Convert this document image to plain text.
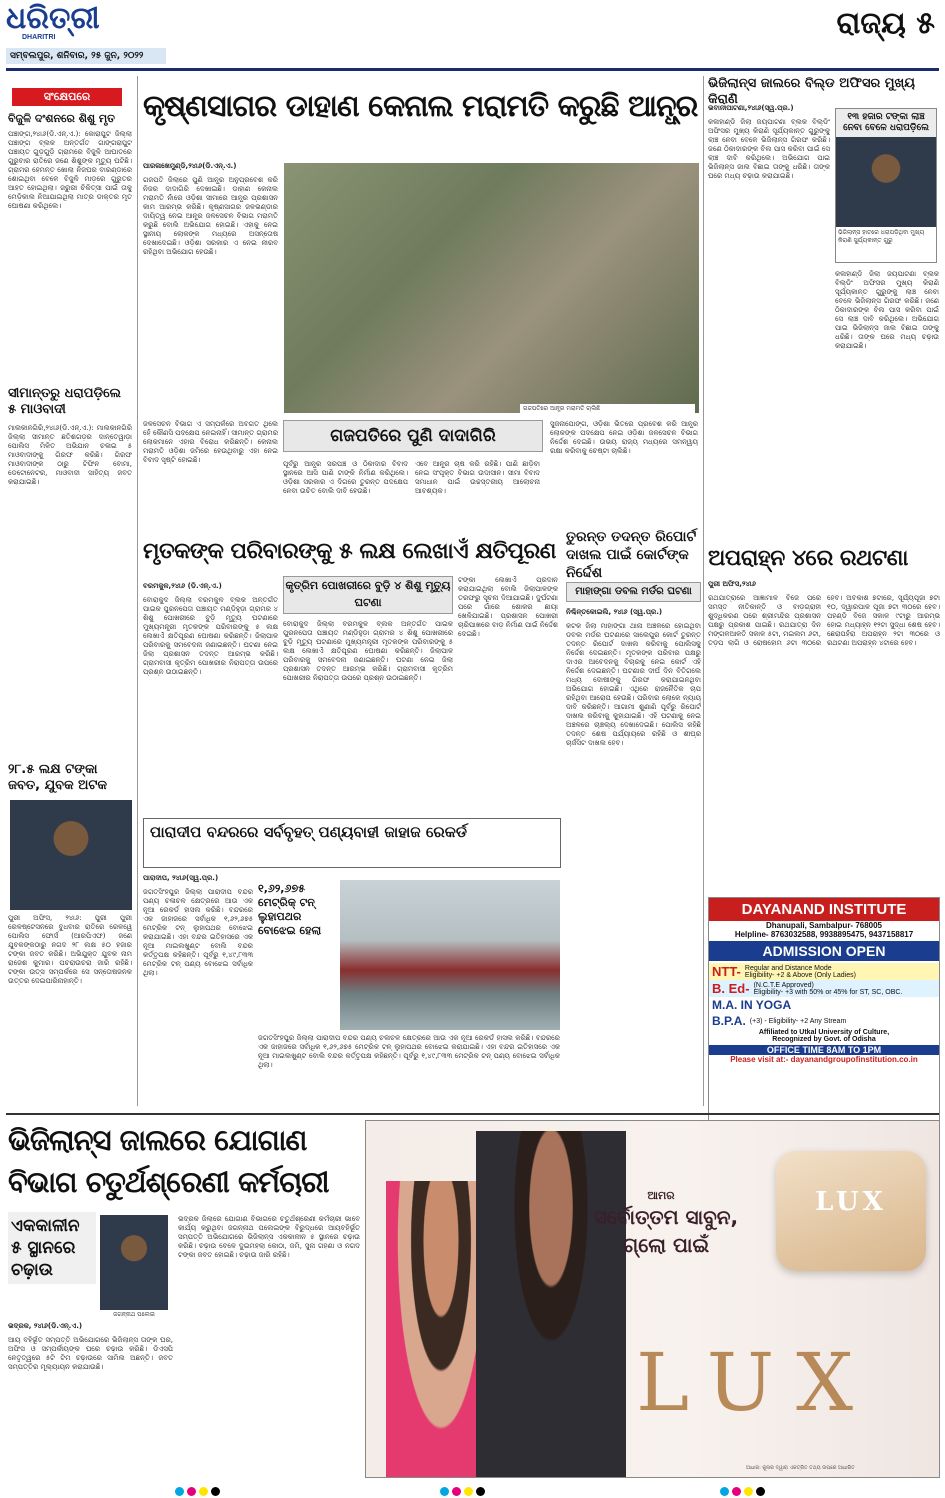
ଧରିତ୍ରୀ
DHARITRI
ସମ୍ବଲପୁର, ଶନିବାର, ୨୫ ଜୁନ, ୨୦୨୨
ରାଜ୍ୟ ୫
ସଂକ୍ଷେପରେ
ବିଜୁଳି ଦଂଶନରେ ଶିଶୁ ମୃତ
ପଞ୍ଚାଙ୍ଗ,୨୪ା୬(ଡି.ଏନ୍.ଏ.): କୋରାପୁଟ ଜିଲ୍ଲା ପଞ୍ଚାଙ୍ଗ ବ୍ଲକ ଅନ୍ତର୍ଗତ ଗାଙ୍ଗରାପୁଟ ପଞ୍ଚାୟତ ଗୁଡ଼ଗୁଡ଼ି ଗ୍ରାମରେ ବିଜୁଳି ଆଘାତରେ ଗୁରୁବାର ରାତିରେ ଜଣେ ଶିଶୁଙ୍କ ମୃତ୍ୟୁ ଘଟିଛି। ଗ୍ରାମର ହେମନ୍ତ ଖୋଲା ନିଜଘର ବାରଣ୍ଡାରେ ଶୋଇଥିବା ବେଳେ ବିଜୁଳି ମାଡ଼ରେ ଗୁରୁତର ଆହତ ହୋଇଥିଲା। ଜରୁରୀ ଚିକିତ୍ସା ପାଇଁ ତାକୁ ମେଡ଼ିକାଲ ନିଆଯାଇଥିଲା ମାତ୍ର ଡାକ୍ତର ମୃତ ଘୋଷଣା କରିଥିଲେ।
ସୀମାନ୍ତରୁ ଧରାପଡ଼ିଲେ ୫ ମାଓବାଦୀ
ମାଲକାନଗିରି,୨୪ା୬(ଡି.ଏନ୍.ଏ.): ମାଲକାନଗିରି ଜିଲ୍ଲା ସୀମାନ୍ତ ଛତିଶଗଡ଼ର ଦାନ୍ତେୱାଡ଼ା ପୋଲିସ ମିଳିତ ଅଭିଯାନ ଚଳାଇ ୫ ମାଓବାଦୀଙ୍କୁ ଗିରଫ କରିଛି। ଗିରଫ ମାଓବାଦୀଙ୍କ ଠାରୁ ଟିଫିନ ବୋମା, ଡେଟୋନେଟର, ମାଓବାଦୀ ସାହିତ୍ୟ ଜବତ କରାଯାଇଛି।
୨୮.୫ ଲକ୍ଷ ଟଙ୍କା ଜବତ, ଯୁବକ ଅଟକ
ପୁରୀ ଅଫିସ, ୨୪ା୬: ପୁରୀ ପୁରୀ ରେଳଷ୍ଟେସନରେ ବୁଧବାର ରାତିରେ ରେଳୱେ ପୋଲିସ ଫୋର୍ସ (ଆରପିଏଫ) ଜଣେ ଯୁବକଙ୍କଠାରୁ ନଗଦ ୨୮ ଲକ୍ଷ ୫୦ ହଜାର ଟଙ୍କା ଜବତ କରିଛି। ଅଭିଯୁକ୍ତ ଯୁବକ ନାମ ରାଜେଶ କୁମାର। ପଚରାଉଚରା ଜାରି ରହିଛି। ଟଙ୍କା ଉତ୍ସ ସମ୍ପର୍କରେ ସେ ସନ୍ତୋଷଜନକ ଉତ୍ତର ଦେଇପାରିନାହାନ୍ତି।
କୃଷ୍ଣସାଗର ଡାହାଣ କେନାଲ ମରାମତି କରୁଛି ଆନ୍ଧ୍ର
ପାରଳାଖେମୁଣ୍ଡି,୨୪ା୬(ଡି.ଏନ୍.ଏ.)
ଗଜପତି ଜିଲାରେ ପୁଣି ଆନ୍ଧ୍ର ଅନୁପ୍ରବେଶ କରି ନିଜର ଦାଦାଗିରି ଦେଖାଇଛି। ଡାହାଣ କେନାଲ ମରାମତି ନାଁରେ ଓଡ଼ିଶା ସୀମାରେ ଆନ୍ଧ୍ର ପ୍ରଶାସନ କାମ ଆରମ୍ଭ କରିଛି। କୃଷ୍ଣସାଗର ଜଳଭଣ୍ଡାର ଦାୟିତ୍ୱ ନେଇ ଆନ୍ଧ୍ର ଜଳସେଚନ ବିଭାଗ ମରାମତି କରୁଛି ବୋଲି ଅଭିଯୋଗ ହୋଇଛି। ଏହାକୁ ନେଇ ସ୍ଥାନୀୟ ଲୋକଙ୍କ ମଧ୍ୟରେ ଅସନ୍ତୋଷ ଦେଖାଦେଇଛି। ଓଡ଼ିଶା ସରକାର ଏ ନେଇ ନୀରବ ରହିଥିବା ଅଭିଯୋଗ ହେଉଛି।
ଗଜପତିରେ ଆନ୍ଧ୍ର ମରାମତି ଚାଲିଛି
ଜଳସେଚନ ବିଭାଗ ଏ ସମ୍ପର୍କରେ ଅବଗତ ଥିଲେ ହେଁ କୌଣସି ପଦକ୍ଷେପ ନେଇନାହିଁ। ସୀମାନ୍ତ ଗ୍ରାମର ଲୋକମାନେ ଏହାର ବିରୋଧ କରିଛନ୍ତି। କେନାଲ ମରାମତି ଓଡ଼ିଶା ଜମିରେ ହେଉଥିବାରୁ ଏହା ନେଇ ବିବାଦ ସୃଷ୍ଟି ହୋଇଛି।
ଗଜପତିରେ ପୁଣି ଦାଦାଗିରି
ପୂର୍ବରୁ ଆନ୍ଧ୍ର ସରପଞ୍ଚ ଓ ଠିକାଦାର ବିବାଦ ସ୍ଥାନରେ ଆସି ପାଣି ଟାଙ୍କି ନିର୍ମାଣ କରିଥିଲେ। ଓଡ଼ିଶା ସରକାର ଏ ଦିଗରେ ତୁରନ୍ତ ପଦକ୍ଷେପ ନେବା ଉଚିତ ବୋଲି ଦାବି ହେଉଛି।
ଏବେ ଆନ୍ଧ୍ର ଚାଷ କରି ରହିଛି। ପାଣି ଛାଡ଼ିବା ନେଇ ସଂପୃକ୍ତ ବିଭାଗ ଉଦାସୀନ। ସୀମା ବିବାଦ ସମାଧାନ ପାଇଁ ଉଚ୍ଚସ୍ତରୀୟ ଆଲୋଚନା ଆବଶ୍ୟକ।
ସୁଜନାପୋଙ୍ଗ, ଓଡ଼ିଶା ଭିତରେ ପ୍ରବେଶ କରି ଆନ୍ଧ୍ର ଲୋକଙ୍କ ପଦକ୍ଷେପ ନେଇ ଓଡ଼ିଶା ଜଳସେଚନ ବିଭାଗ ନିର୍ଦ୍ଦେଶ ଦେଇଛି। ଉଭୟ ରାଜ୍ୟ ମଧ୍ୟରେ ସମନ୍ୱୟ ରକ୍ଷା କରିବାକୁ ଚେଷ୍ଟା ଚାଲିଛି।
ଭିଜିଲାନ୍ସ ଜାଲରେ ବିଲ୍ଡ ଅଫିସର ମୁଖ୍ୟ କିରାଣି
ଭବାନୀପାଟଣା,୨୪ା୬(ସ୍ୱ.ପ୍ର.)
୧୩ ହଜାର ଟଙ୍କା ଲାଞ୍ଚ ନେବା ବେଳେ ଧରାପଡ଼ିଲେ
ଭିଜିଲାନ୍ସ ହାତରେ ଧରାପଡ଼ିଥିବା ମୁଖ୍ୟ କିରାଣି ସୁର୍ଯ୍ୟକାନ୍ତ ଗୁରୁ
କଳାହାଣ୍ଡି ଜିଲା ଜୟପାଟଣା ବ୍ଲକ ବିଲ୍ଡିଂ ଅଫିସର ମୁଖ୍ୟ କିରାଣି ସୂର୍ଯ୍ୟକାନ୍ତ ଗୁରୁଙ୍କୁ ଲାଞ୍ଚ ନେବା ବେଳେ ଭିଜିଲାନ୍ସ ଗିରଫ କରିଛି। ଜଣେ ଠିକାଦାରଙ୍କ ବିଲ ପାସ କରିବା ପାଇଁ ସେ ଲାଞ୍ଚ ଦାବି କରିଥିଲେ। ଅଭିଯୋଗ ପାଇ ଭିଜିଲାନ୍ସ ଜାଲ ବିଛାଇ ତାଙ୍କୁ ଧରିଛି। ତାଙ୍କ ଘରେ ମଧ୍ୟ ଚଢ଼ାଉ କରାଯାଇଛି।
କଳାହାଣ୍ଡି ଜିଲା ଜୟପାଟଣା ବ୍ଲକ ବିଲ୍ଡିଂ ଅଫିସର ମୁଖ୍ୟ କିରାଣି ସୂର୍ଯ୍ୟକାନ୍ତ ଗୁରୁଙ୍କୁ ଲାଞ୍ଚ ନେବା ବେଳେ ଭିଜିଲାନ୍ସ ଗିରଫ କରିଛି। ଜଣେ ଠିକାଦାରଙ୍କ ବିଲ ପାସ କରିବା ପାଇଁ ସେ ଲାଞ୍ଚ ଦାବି କରିଥିଲେ। ଅଭିଯୋଗ ପାଇ ଭିଜିଲାନ୍ସ ଜାଲ ବିଛାଇ ତାଙ୍କୁ ଧରିଛି। ତାଙ୍କ ଘରେ ମଧ୍ୟ ଚଢ଼ାଉ କରାଯାଇଛି।
ମୃତକଙ୍କ ପରିବାରଙ୍କୁ ୫ ଲକ୍ଷ ଲେଖାଏଁ କ୍ଷତିପୂରଣ
ବରମକୁଳ,୨୪ା୬ (ଡି.ଏନ୍.ଏ.)	କୃତ୍ରିମ ପୋଖରୀରେ ବୁଡ଼ି ୪ ଶିଶୁ ମୃତ୍ୟୁ ଘଟଣା
ବୋରାକୁଦ ଜିଲ୍ଲା ବରମକୁଳ ବ୍ଲକ ଅନ୍ତର୍ଗତ ପାଇକ ପୁରନପେତା ପଞ୍ଚାୟତ ମଣ୍ଡିହୁଡ଼ା ଗ୍ରାମର ୪ ଶିଶୁ ପୋଖରୀରେ ବୁଡ଼ି ମୃତ୍ୟୁ ଘଟଣାରେ ମୁଖ୍ୟମନ୍ତ୍ରୀ ମୃତକଙ୍କ ପରିବାରଙ୍କୁ ୫ ଲକ୍ଷ ଲେଖାଏଁ କ୍ଷତିପୂରଣ ଘୋଷଣା କରିଛନ୍ତି। ଜିଲାପାଳ ପରିବାରକୁ ସମବେଦନା ଜଣାଇଛନ୍ତି। ଘଟଣା ନେଇ ଜିଲା ପ୍ରଶାସନ ତଦନ୍ତ ଆରମ୍ଭ କରିଛି। ଗ୍ରାମବାସୀ କୃତ୍ରିମ ପୋଖରୀର ନିରାପତ୍ତା ଉପରେ ପ୍ରଶ୍ନ ଉଠାଇଛନ୍ତି।
ବୋରାକୁଦ ଜିଲ୍ଲା ବରମକୁଳ ବ୍ଲକ ଅନ୍ତର୍ଗତ ପାଇକ ପୁରନପେତା ପଞ୍ଚାୟତ ମଣ୍ଡିହୁଡ଼ା ଗ୍ରାମର ୪ ଶିଶୁ ପୋଖରୀରେ ବୁଡ଼ି ମୃତ୍ୟୁ ଘଟଣାରେ ମୁଖ୍ୟମନ୍ତ୍ରୀ ମୃତକଙ୍କ ପରିବାରଙ୍କୁ ୫ ଲକ୍ଷ ଲେଖାଏଁ କ୍ଷତିପୂରଣ ଘୋଷଣା କରିଛନ୍ତି। ଜିଲାପାଳ ପରିବାରକୁ ସମବେଦନା ଜଣାଇଛନ୍ତି। ଘଟଣା ନେଇ ଜିଲା ପ୍ରଶାସନ ତଦନ୍ତ ଆରମ୍ଭ କରିଛି। ଗ୍ରାମବାସୀ କୃତ୍ରିମ ପୋଖରୀର ନିରାପତ୍ତା ଉପରେ ପ୍ରଶ୍ନ ଉଠାଇଛନ୍ତି।
ଟଙ୍କା ଲେଖାଏଁ ପ୍ରଦାନ କରାଯାଇଥିଲା ବୋଲି ଜିଲାପାଳଙ୍କ ତରଫରୁ ସୂଚନା ଦିଆଯାଇଛି। ଦୁର୍ଘଟଣା ପରେ ଗାଁରେ ଶୋକର ଛାୟା ଖେଳିଯାଇଛି। ପ୍ରଶାସନ ପୋଖରୀ ଚାରିପାଖରେ ବାଡ଼ ନିର୍ମାଣ ପାଇଁ ନିର୍ଦ୍ଦେଶ ଦେଇଛି।
ତୁରନ୍ତ ତଦନ୍ତ ରିପୋର୍ଟ ଦାଖଲ ପାଇଁ କୋର୍ଟଙ୍କ ନିର୍ଦ୍ଦେଶ
ମାହାଙ୍ଗା ଡବଲ ମର୍ଡର ଘଟଣା
ନିଶ୍ଚିନ୍ତକୋଇଲି, ୨୪ା୬ (ସ୍ୱ.ପ୍ର.)
କଟକ ଜିଲା ମାହାଙ୍ଗା ଥାନା ଅଞ୍ଚଳରେ ହୋଇଥିବା ଡବଲ ମର୍ଡର ଘଟଣାରେ ସାଲେପୁର କୋର୍ଟ ତୁରନ୍ତ ତଦନ୍ତ ରିପୋର୍ଟ ଦାଖଲ କରିବାକୁ ପୋଲିସକୁ ନିର୍ଦ୍ଦେଶ ଦେଇଛନ୍ତି। ମୃତକଙ୍କ ପରିବାର ପକ୍ଷରୁ ଦାଏର ଆବେଦନକୁ ବିଚାରକୁ ନେଇ କୋର୍ଟ ଏହି ନିର୍ଦ୍ଦେଶ ଦେଇଛନ୍ତି। ଘଟଣାର ଦୀର୍ଘ ଦିନ ବିତିଗଲେ ମଧ୍ୟ ଦୋଷୀଙ୍କୁ ଗିରଫ କରାଯାଇନଥିବା ଅଭିଯୋଗ ହୋଇଛି। ଏଥିରେ ରାଜନୈତିକ ଚାପ ରହିଥିବା ଆରୋପ ହେଉଛି। ପରିବାର ଲୋକେ ନ୍ୟାୟ ଦାବି କରିଛନ୍ତି। ଆଗାମୀ ଶୁଣାଣି ପୂର୍ବରୁ ରିପୋର୍ଟ ଦାଖଲ କରିବାକୁ କୁହାଯାଇଛି। ଏହି ଘଟଣାକୁ ନେଇ ଅଞ୍ଚଳରେ ଚାଞ୍ଚଲ୍ୟ ଦେଖାଦେଇଛି। ପୋଲିସ କହିଛି ତଦନ୍ତ ଶେଷ ପର୍ଯ୍ୟାୟରେ ରହିଛି ଓ ଶୀଘ୍ର ଚାର୍ଜସିଟ ଦାଖଲ ହେବ।
ଅପରାହ୍ନ ୪ରେ ରଥଟଣା
ପୁରୀ ଅଫିସ,୨୪ା୬
ରଥଯାତ୍ରାରେ ଆଜ୍ଞାମାଳ ବିଜେ ପରେ ସମସ୍ତ ନୀତିକାନ୍ତି ଓ ବାଡ଼ଗ୍ରାହୀ ଶୁଦ୍ଧିକରଣ ପରେ ଶ୍ରୀମନ୍ଦିର ପ୍ରଶାସନ ପକ୍ଷରୁ ପ୍ରକାଶ ପାଇଛି। ରଥଯାତ୍ରା ଦିନ ମଙ୍ଗଳଆଳତି ସକାଳ ୫ଟା, ମଇଲମ ୬ଟା, ତଡ଼ପ ଲାଗି ଓ ରୋଷହୋମ ୬ଟା ୩୦ରେ ହେବ। ଅବକାଶ ୭ଟାରେ, ସୂର୍ଯ୍ୟପୂଜା ୭ଟା ୧୦, ଦ୍ୱାରପାଳ ପୂଜା ୭ଟା ୩୦ରେ ହେବ। ପହଣ୍ଡି ବିଜେ ସକାଳ ୯ଟାରୁ ଆରମ୍ଭ ହୋଇ ମଧ୍ୟାହ୍ନ ୧୨ଟା ସୁଦ୍ଧା ଶେଷ ହେବ। ଛେରାପହଁରା ଅପରାହ୍ନ ୨ଟା ୩୦ରେ ଓ ରଥଟଣା ଅପରାହ୍ନ ୪ଟାରେ ହେବ।
ପାରାଦୀପ ବନ୍ଦରରେ ସର୍ବବୃହତ୍ ପଣ୍ୟବାହୀ ଜାହାଜ ରେକର୍ଡ
ପାରାଦୀପ, ୨୪ା୬(ସ୍ୱ.ପ୍ର.)
ଜଗତସିଂହପୁର ଜିଲ୍ଲା ପାରାଦୀପ ବନ୍ଦର ପଣ୍ୟ ଚଳାଚଳ କ୍ଷେତ୍ରରେ ଆଉ ଏକ ନୂଆ ରେକର୍ଡ ହାସଲ କରିଛି। ବନ୍ଦରରେ ଏକ ଜାହାଜରେ ସର୍ବାଧିକ ୧,୬୨,୬୭୫ ମେଟ୍ରିକ ଟନ୍ ଲୁହାପଥର ବୋଝେଇ କରାଯାଇଛି। ଏହା ବନ୍ଦର ଇତିହାସରେ ଏକ ନୂଆ ମାଇଲଖୁଣ୍ଟ ବୋଲି ବନ୍ଦର କର୍ତ୍ତୃପକ୍ଷ କହିଛନ୍ତି। ପୂର୍ବରୁ ୧,୪୯,୮୩୩ ମେଟ୍ରିକ ଟନ୍ ପଣ୍ୟ ବୋଝେଇ ସର୍ବାଧିକ ଥିଲା।
୧,୬୨,୬୭୫ ମେଟ୍ରିକ୍ ଟନ୍ ଲୁହାପଥର ବୋଝେଇ ହେଲା
ଜଗତସିଂହପୁର ଜିଲ୍ଲା ପାରାଦୀପ ବନ୍ଦର ପଣ୍ୟ ଚଳାଚଳ କ୍ଷେତ୍ରରେ ଆଉ ଏକ ନୂଆ ରେକର୍ଡ ହାସଲ କରିଛି। ବନ୍ଦରରେ ଏକ ଜାହାଜରେ ସର୍ବାଧିକ ୧,୬୨,୬୭୫ ମେଟ୍ରିକ ଟନ୍ ଲୁହାପଥର ବୋଝେଇ କରାଯାଇଛି। ଏହା ବନ୍ଦର ଇତିହାସରେ ଏକ ନୂଆ ମାଇଲଖୁଣ୍ଟ ବୋଲି ବନ୍ଦର କର୍ତ୍ତୃପକ୍ଷ କହିଛନ୍ତି। ପୂର୍ବରୁ ୧,୪୯,୮୩୩ ମେଟ୍ରିକ ଟନ୍ ପଣ୍ୟ ବୋଝେଇ ସର୍ବାଧିକ ଥିଲା।
DAYANAND INSTITUTE
Dhanupali, Sambalpur- 768005
Helpline- 8763032588, 9938895475, 9437158817
ADMISSION OPEN
NTT- Regular and Distance Mode
Eligibility- +2 & Above (Only Ladies)
B. Ed- (N.C.T.E Approved)
Eligibility- +3 with 50% or 45% for ST, SC, OBC.
M.A. IN YOGA
B.P.A. (+3) - Eligibility- +2 Any Stream
Affiliated to Utkal University of Culture,
Recognized by Govt. of Odisha
OFFICE TIME 8AM TO 1PM
Please visit at:- dayanandgroupofinstitution.co.in
ଭିଜିଲାନ୍ସ ଜାଲରେ ଯୋଗାଣ
ବିଭାଗ ଚତୁର୍ଥଶ୍ରେଣୀ କର୍ମଚାରୀ
ଏକକାଳୀନ ୫ ସ୍ଥାନରେ ଚଢ଼ାଉ
ଜଗନ୍ନାଥ ପଲେଇ
ଭଦ୍ରକ, ୨୪ା୬(ଡି.ଏନ୍.ଏ.)
ଆୟ ବହିର୍ଭୂତ ସମ୍ପତ୍ତି ଅଭିଯୋଗରେ ଭିଜିଲାନ୍ସ ତାଙ୍କ ଘର, ଅଫିସ ଓ ସମ୍ପର୍କୀୟଙ୍କ ଘରେ ଚଢ଼ାଉ କରିଛି। ଡିଏସପି ନେତୃତ୍ୱରେ ୫ଟି ଟିମ ଚଢ଼ାଉରେ ସାମିଲ ଅଛନ୍ତି। ଜବତ ସମ୍ପତ୍ତିର ମୂଲ୍ୟାୟନ କରାଯାଉଛି।
ଭଦ୍ରକ ଜିଲାରେ ଯୋଗାଣ ବିଭାଗରେ ଚତୁର୍ଥଶ୍ରେଣୀ କର୍ମଚାରୀ ଭାବେ କାର୍ଯ୍ୟ କରୁଥିବା ଜଗନ୍ନାଥ ପଲେଇଙ୍କ ବିରୁଦ୍ଧରେ ଆୟବହିର୍ଭୂତ ସମ୍ପତ୍ତି ଅଭିଯୋଗରେ ଭିଜିଲାନ୍ସ ଏକକାଳୀନ ୫ ସ୍ଥାନରେ ଚଢ଼ାଉ କରିଛି। ଚଢ଼ାଉ ବେଳେ ଦୁଇମହଲା କୋଠା, ଜମି, ସୁନା ଗହଣା ଓ ନଗଦ ଟଙ୍କା ଜବତ ହୋଇଛି। ଚଢ଼ାଉ ଜାରି ରହିଛି।
ଆମର
ସର୍ବୋତ୍ତମ ସାବୁନ,
ଗ୍ଲୋ ପାଇଁ
LUX
LUX
ଆଧାର: କୁନାର ଦ୍ୱାରା ଏକତ୍ରିତ ତଥ୍ୟ ଉପରେ ଆଧାରିତ
